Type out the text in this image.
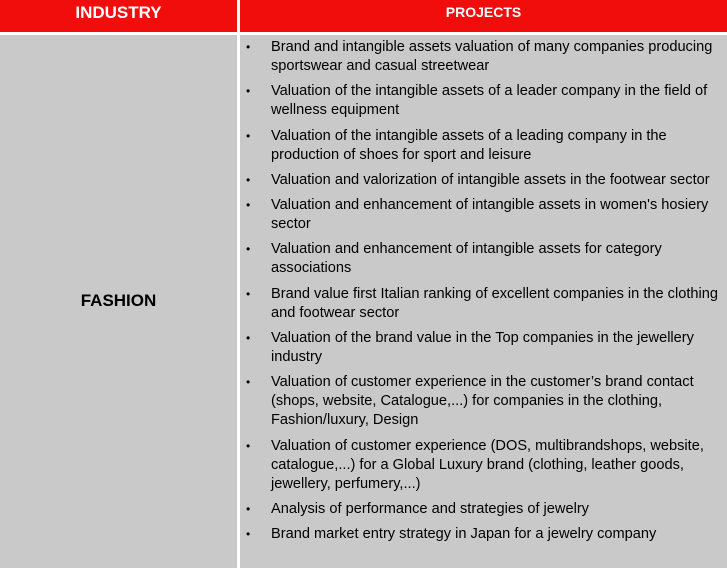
INDUSTRY	PROJECTS
FASHION
• Brand and intangible assets valuation of many companies producing sportswear and casual streetwear
• Valuation of the intangible assets of a leader company in the field of wellness equipment
• Valuation of the intangible assets of a leading company in the production of shoes for sport and leisure
• Valuation and valorization of intangible assets in the footwear sector
• Valuation and enhancement of intangible assets in women's hosiery sector
• Valuation and enhancement of intangible assets for category associations
• Brand value first Italian ranking of excellent companies in the clothing and footwear sector
• Valuation of the brand value in the Top companies in the jewellery industry
• Valuation of customer experience in the customer’s brand contact (shops, website, Catalogue,...) for companies in the clothing, Fashion/luxury, Design
• Valuation of customer experience (DOS, multibrandshops, website, catalogue,...) for a Global Luxury brand (clothing, leather goods, jewellery, perfumery,...)
• Analysis of performance and strategies of jewelry
• Brand market entry strategy in Japan for a jewelry company
